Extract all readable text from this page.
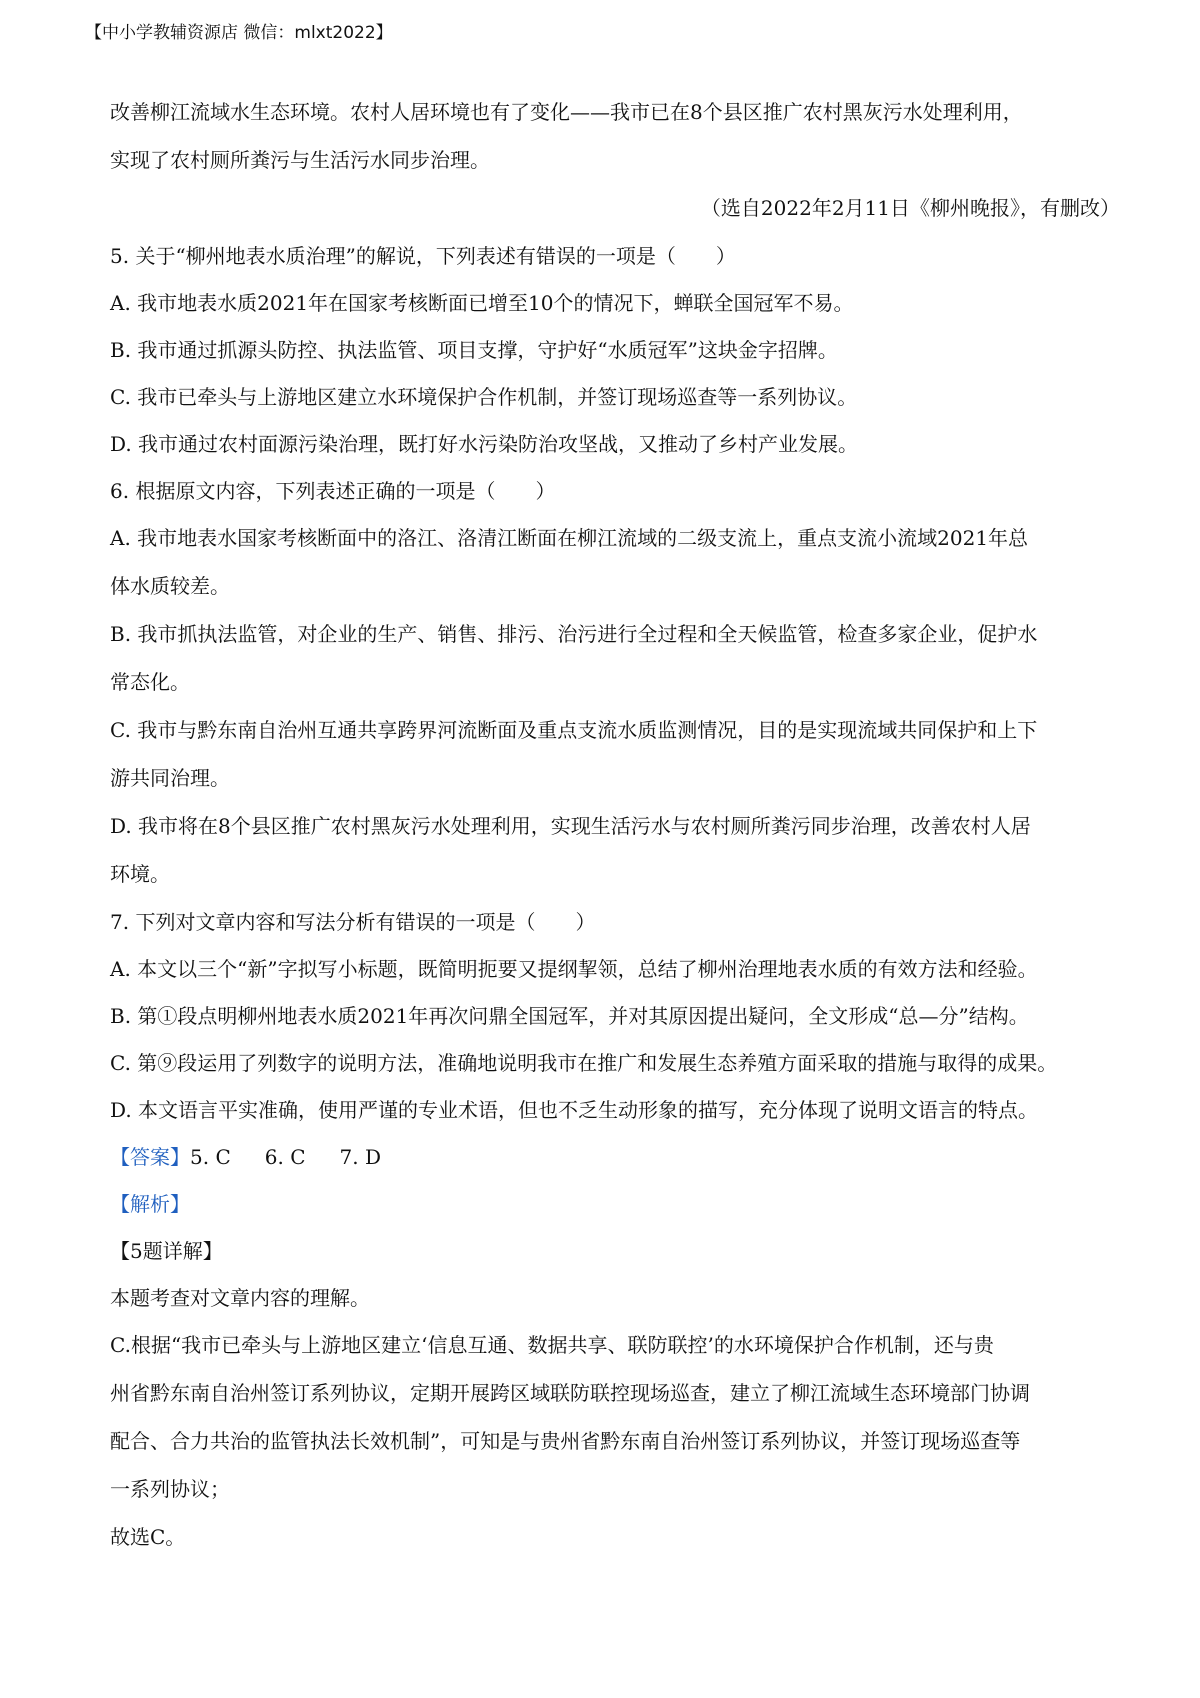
【中小学教辅资源店 微信：mlxt2022】
改善柳江流域水生态环境。农村人居环境也有了变化——我市已在8个县区推广农村黑灰污水处理利用，
实现了农村厕所粪污与生活污水同步治理。
（选自2022年2月11日《柳州晚报》，有删改）
5. 关于“柳州地表水质治理”的解说，下列表述有错误的一项是（　　）
A. 我市地表水质2021年在国家考核断面已增至10个的情况下，蝉联全国冠军不易。
B. 我市通过抓源头防控、执法监管、项目支撑，守护好“水质冠军”这块金字招牌。
C. 我市已牵头与上游地区建立水环境保护合作机制，并签订现场巡查等一系列协议。
D. 我市通过农村面源污染治理，既打好水污染防治攻坚战，又推动了乡村产业发展。
6. 根据原文内容，下列表述正确的一项是（　　）
A. 我市地表水国家考核断面中的洛江、洛清江断面在柳江流域的二级支流上，重点支流小流域2021年总
体水质较差。
B. 我市抓执法监管，对企业的生产、销售、排污、治污进行全过程和全天候监管，检查多家企业，促护水
常态化。
C. 我市与黔东南自治州互通共享跨界河流断面及重点支流水质监测情况，目的是实现流域共同保护和上下
游共同治理。
D. 我市将在8个县区推广农村黑灰污水处理利用，实现生活污水与农村厕所粪污同步治理，改善农村人居
环境。
7. 下列对文章内容和写法分析有错误的一项是（　　）
A. 本文以三个“新”字拟写小标题，既简明扼要又提纲挈领，总结了柳州治理地表水质的有效方法和经验。
B. 第①段点明柳州地表水质2021年再次问鼎全国冠军，并对其原因提出疑问，全文形成“总—分”结构。
C. 第⑨段运用了列数字的说明方法，准确地说明我市在推广和发展生态养殖方面采取的措施与取得的成果。
D. 本文语言平实准确，使用严谨的专业术语，但也不乏生动形象的描写，充分体现了说明文语言的特点。
【答案】5. C 6. C 7. D
【解析】
【5题详解】
本题考查对文章内容的理解。
C.根据“我市已牵头与上游地区建立‘信息互通、数据共享、联防联控’的水环境保护合作机制，还与贵
州省黔东南自治州签订系列协议，定期开展跨区域联防联控现场巡查，建立了柳江流域生态环境部门协调
配合、合力共治的监管执法长效机制”，可知是与贵州省黔东南自治州签订系列协议，并签订现场巡查等
一系列协议；
故选C。
